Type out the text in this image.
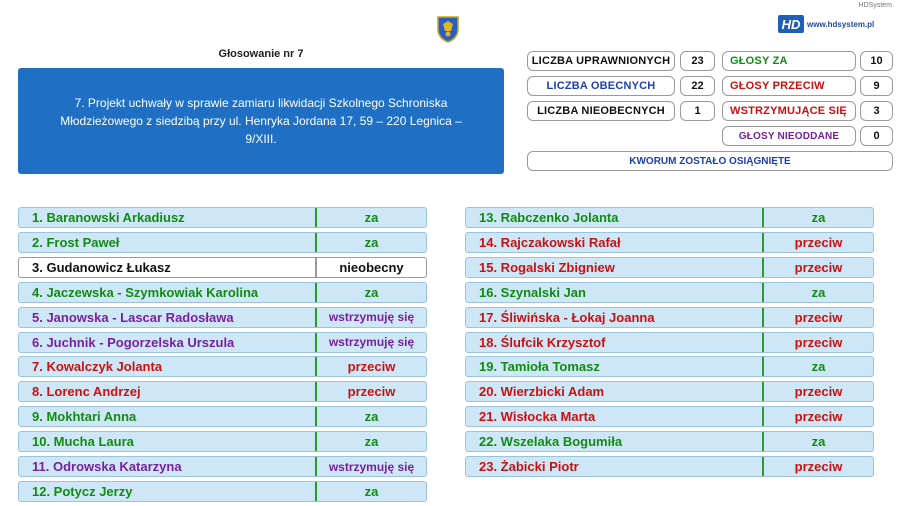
HDSystem
HD www.hdsystem.pl
Głosowanie nr 7
7. Projekt uchwały w sprawie zamiaru likwidacji Szkolnego Schroniska Młodzieżowego z siedzibą przy ul. Henryka Jordana 17, 59 – 220 Legnica – 9/XIII.
LICZBA UPRAWNIONYCH	23
LICZBA OBECNYCH	22
LICZBA NIEOBECNYCH	1
GŁOSY ZA	10
GŁOSY PRZECIW	9
WSTRZYMUJĄCE SIĘ	3
GŁOSY NIEODDANE	0
KWORUM ZOSTAŁO OSIĄGNIĘTE
1. Baranowski Arkadiusz	za
2. Frost Paweł	za
3. Gudanowicz Łukasz	nieobecny
4. Jaczewska - Szymkowiak Karolina	za
5. Janowska - Lascar Radosława	wstrzymuję się
6. Juchnik - Pogorzelska Urszula	wstrzymuję się
7. Kowalczyk Jolanta	przeciw
8. Lorenc Andrzej	przeciw
9. Mokhtari Anna	za
10. Mucha Laura	za
11. Odrowska Katarzyna	wstrzymuję się
12. Potycz Jerzy	za
13. Rabczenko Jolanta	za
14. Rajczakowski Rafał	przeciw
15. Rogalski Zbigniew	przeciw
16. Szynalski Jan	za
17. Śliwińska - Łokaj Joanna	przeciw
18. Ślufcik Krzysztof	przeciw
19. Tamioła Tomasz	za
20. Wierzbicki Adam	przeciw
21. Wisłocka Marta	przeciw
22. Wszelaka Bogumiła	za
23. Żabicki Piotr	przeciw
